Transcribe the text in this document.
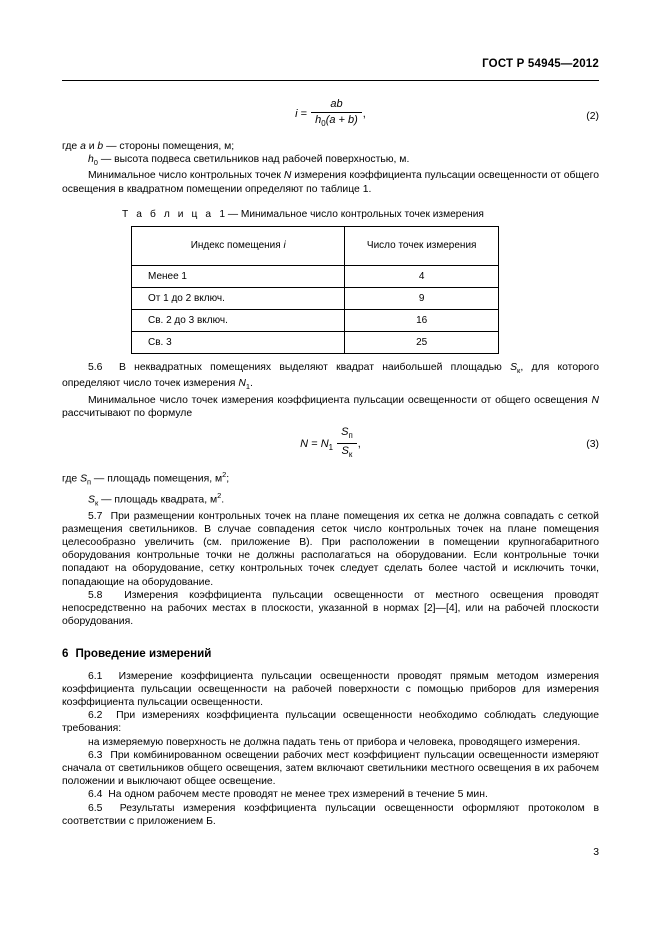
ГОСТ Р 54945—2012
$i = \frac{ab}{h_0(a + b)}$ ,	(2)

где a и b — стороны помещения, м;

$h_0$ — высота подвеса светильников над рабочей поверхностью, м.

Минимальное число контрольных точек N измерения коэффициента пульсации освещенности от общего освещения в квадратном помещении определяют по таблице 1.

Т а б л и ц а 1 — Минимальное число контрольных точек измерения

Индекс помещения i	Число точек измерения
Менее 1	4
От 1 до 2 включ.	9
Св. 2 до 3 включ.	16
Св. 3	25

5.6 В неквадратных помещениях выделяют квадрат наибольшей площадью $S_к$, для которого определяют число точек измерения $N_1$.

Минимальное число точек измерения коэффициента пульсации освещенности от общего освещения N рассчитывают по формуле

$N = N_1 \frac{S_п}{S_к}$ ,	(3)

где $S_п$ — площадь помещения, $м^2$;

$S_к$ — площадь квадрата, $м^2$.

5.7 При размещении контрольных точек на плане помещения их сетка не должна совпадать с сеткой размещения светильников. В случае совпадения сеток число контрольных точек на плане помещения целесообразно увеличить (см. приложение В). При расположении в помещении крупногабаритного оборудования контрольные точки не должны располагаться на оборудовании. Если контрольные точки попадают на оборудование, сетку контрольных точек следует сделать более частой и исключить точки, попадающие на оборудование.

5.8 Измерения коэффициента пульсации освещенности от местного освещения проводят непосредственно на рабочих местах в плоскости, указанной в нормах [2]—[4], или на рабочей плоскости оборудования.

6 Проведение измерений

6.1 Измерение коэффициента пульсации освещенности проводят прямым методом измерения коэффициента пульсации освещенности на рабочей поверхности с помощью приборов для измерения коэффициента пульсации освещенности.

6.2 При измерениях коэффициента пульсации освещенности необходимо соблюдать следующие требования:

на измеряемую поверхность не должна падать тень от прибора и человека, проводящего измерения.

6.3 При комбинированном освещении рабочих мест коэффициент пульсации освещенности измеряют сначала от светильников общего освещения, затем включают светильники местного освещения в их рабочем положении и выключают общее освещение.

6.4 На одном рабочем месте проводят не менее трех измерений в течение 5 мин.

6.5 Результаты измерения коэффициента пульсации освещенности оформляют протоколом в соответствии с приложением Б.

3
